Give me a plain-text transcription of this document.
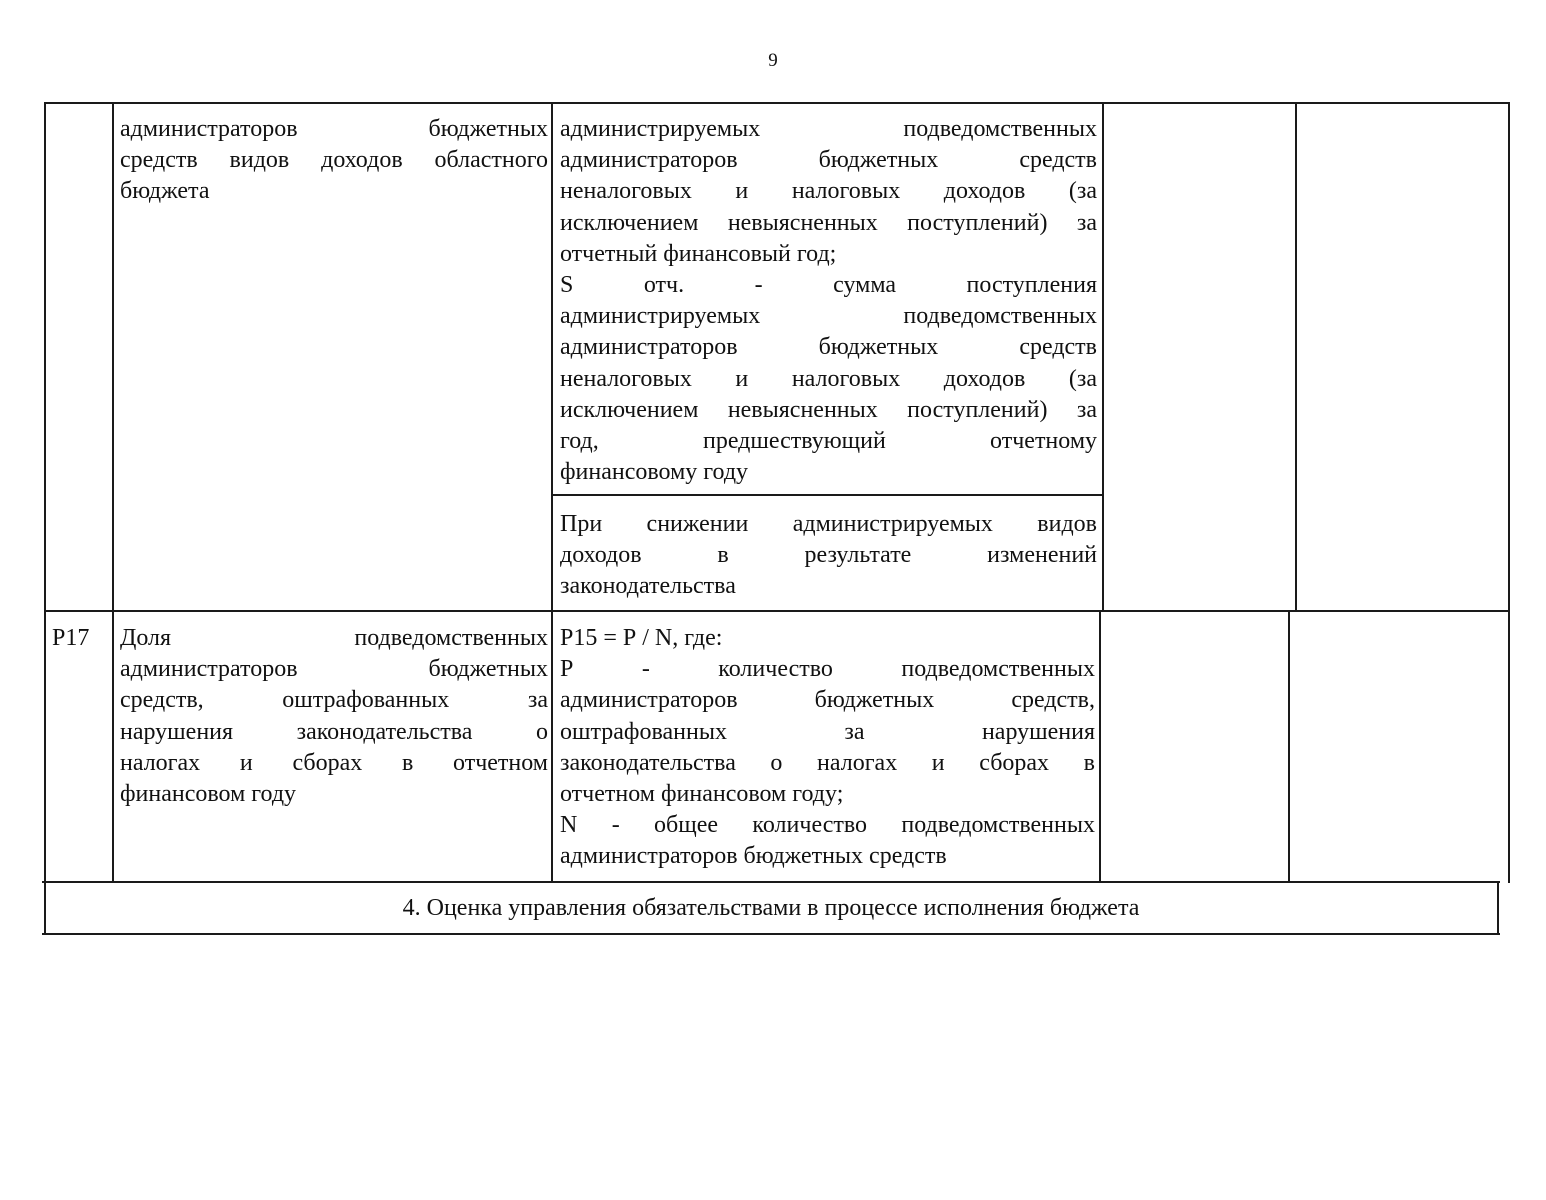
9
администраторов бюджетных
средств видов доходов областного
бюджета
администрируемых подведомственных
администраторов бюджетных средств
неналоговых и налоговых доходов (за
исключением невыясненных поступлений) за
отчетный финансовый год;
S отч. - сумма поступления
администрируемых подведомственных
администраторов бюджетных средств
неналоговых и налоговых доходов (за
исключением невыясненных поступлений) за
год, предшествующий отчетному
финансовому году
При снижении администрируемых видов
доходов в результате изменений
законодательства
Р17	Доля подведомственных
администраторов бюджетных
средств, оштрафованных за
нарушения законодательства о
налогах и сборах в отчетном
финансовом году
Р15 = Р / N, где:
Р - количество подведомственных
администраторов бюджетных средств,
оштрафованных за нарушения
законодательства о налогах и сборах в
отчетном финансовом году;
N - общее количество подведомственных
администраторов бюджетных средств
4. Оценка управления обязательствами в процессе исполнения бюджета
